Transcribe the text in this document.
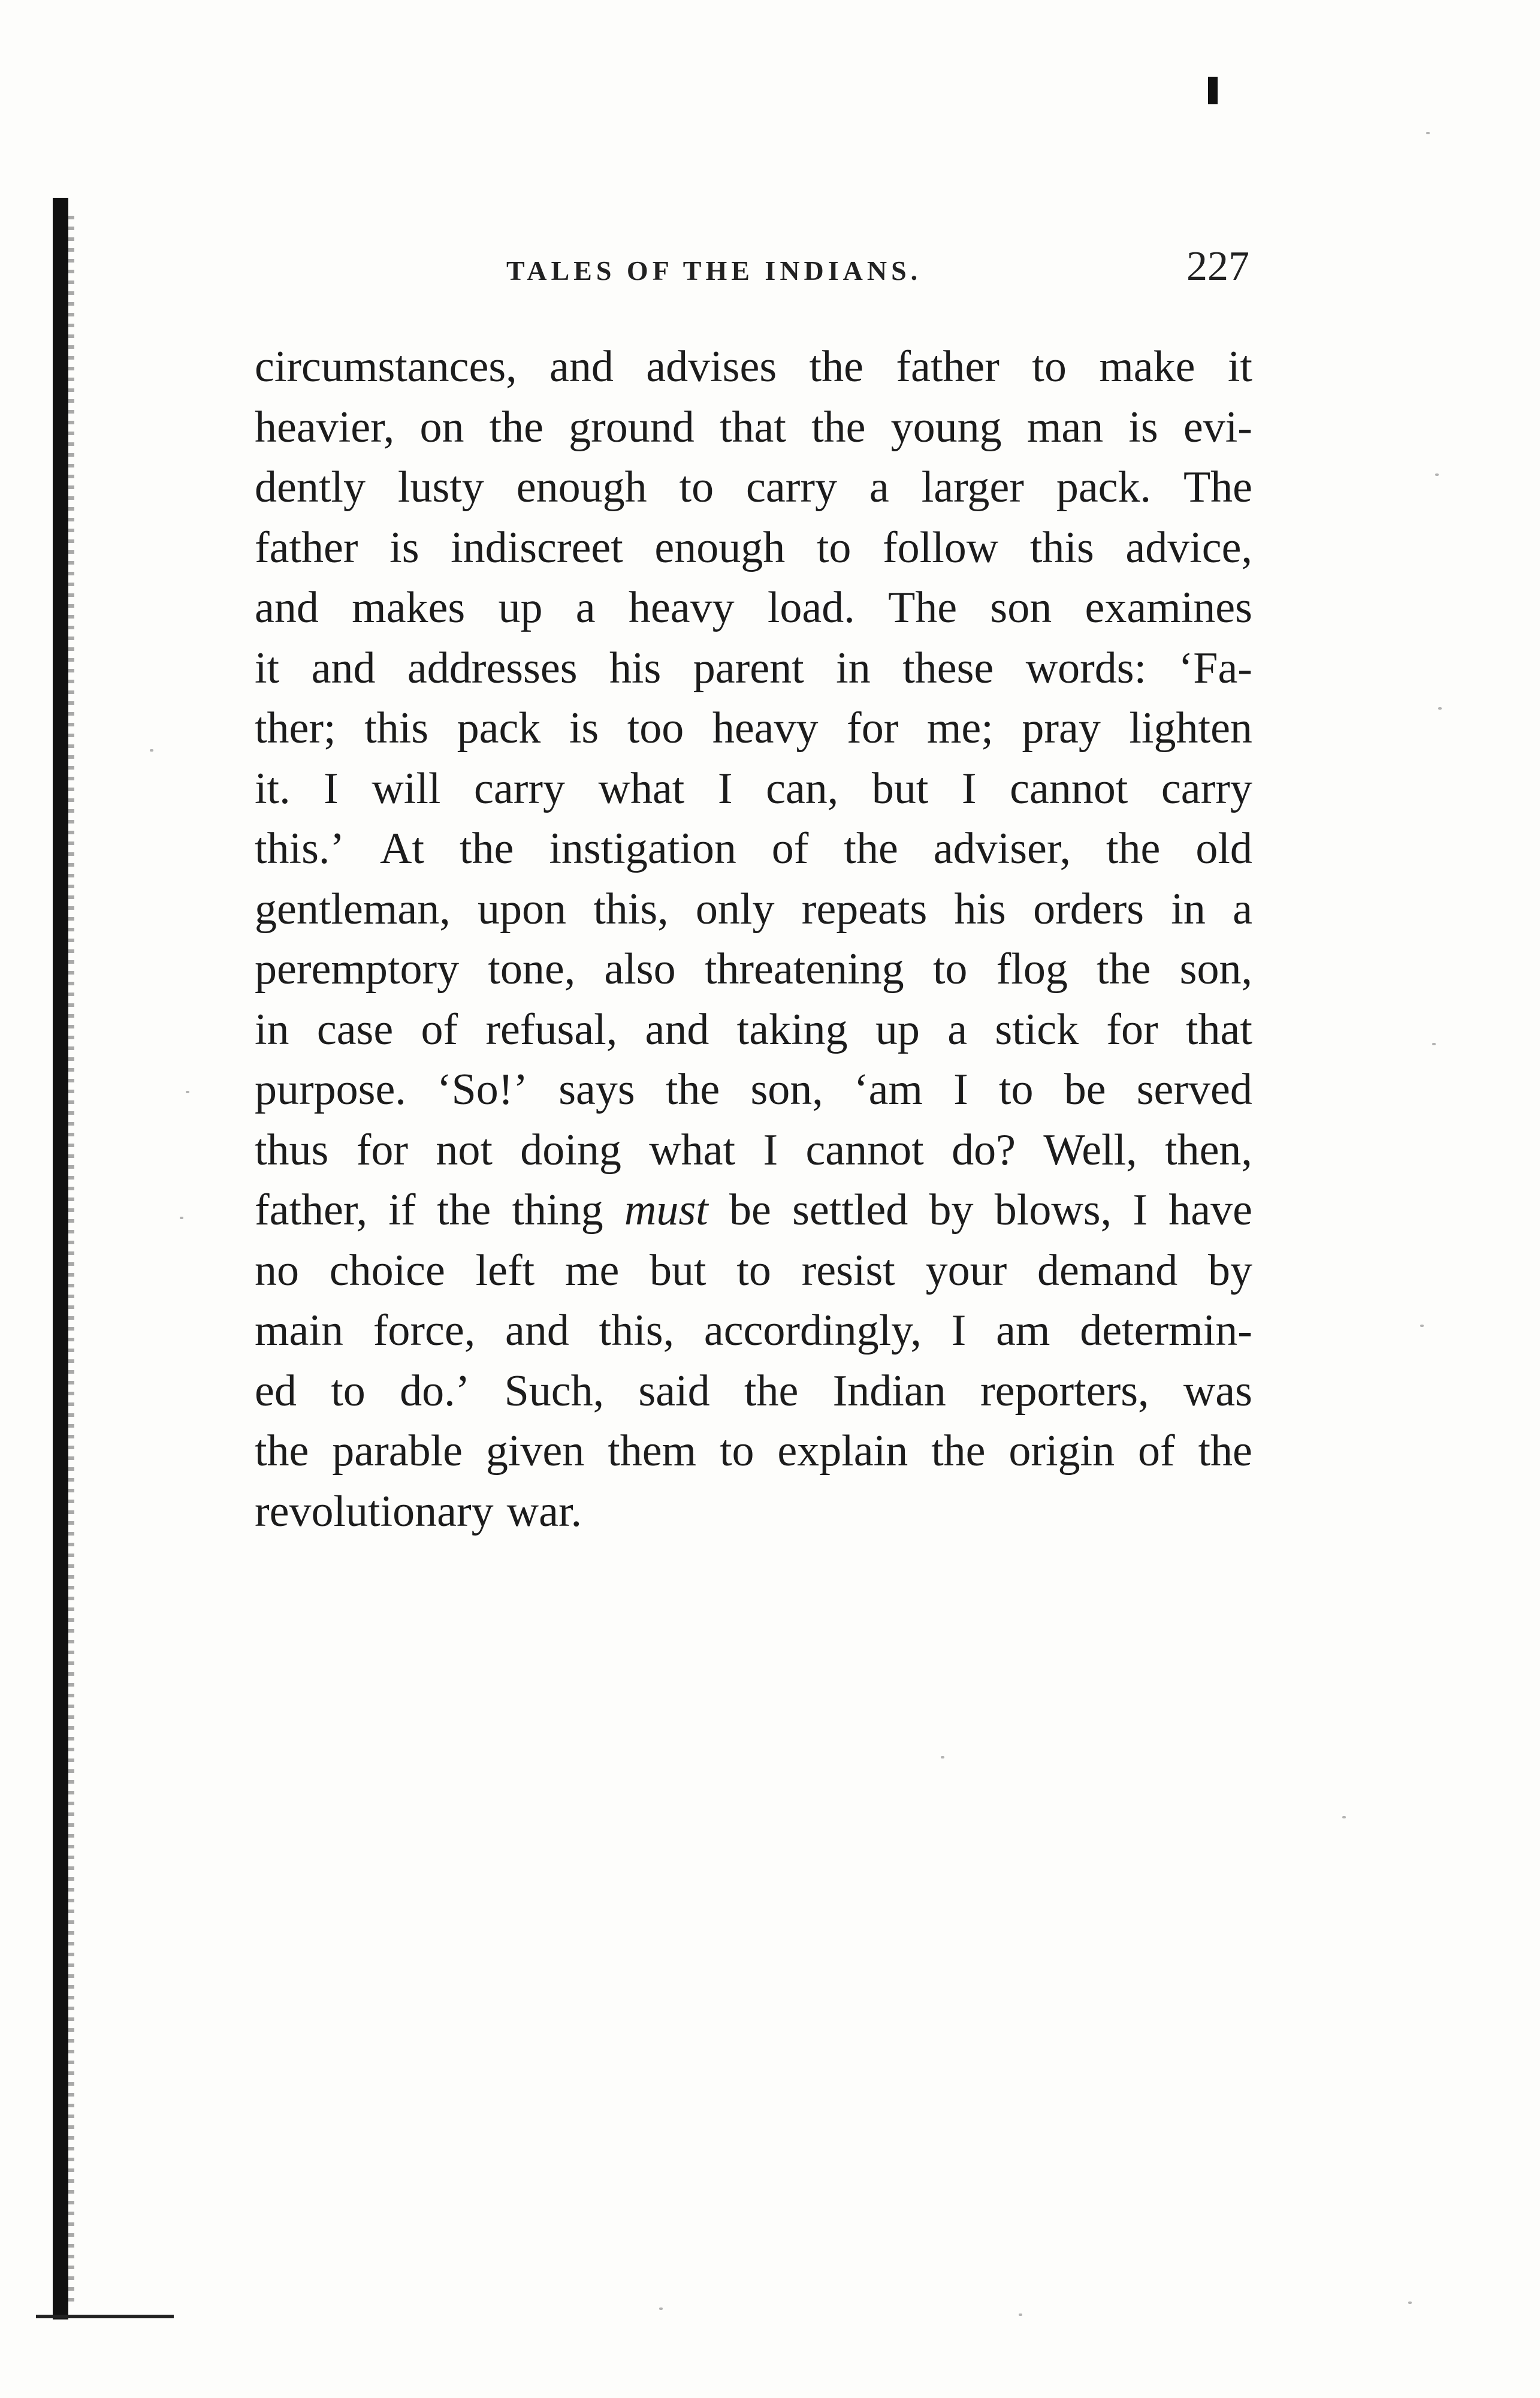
TALES OF THE INDIANS.	227
circumstances, and advises the father to make it
heavier, on the ground that the young man is evi-
dently lusty enough to carry a larger pack. The
father is indiscreet enough to follow this advice,
and makes up a heavy load. The son examines
it and addresses his parent in these words: ‘Fa-
ther; this pack is too heavy for me; pray lighten
it. I will carry what I can, but I cannot carry
this.’ At the instigation of the adviser, the old
gentleman, upon this, only repeats his orders in a
peremptory tone, also threatening to flog the son,
in case of refusal, and taking up a stick for that
purpose. ‘So!’ says the son, ‘am I to be served
thus for not doing what I cannot do? Well, then,
father, if the thing must be settled by blows, I have
no choice left me but to resist your demand by
main force, and this, accordingly, I am determin-
ed to do.’ Such, said the Indian reporters, was
the parable given them to explain the origin of the
revolutionary war.
